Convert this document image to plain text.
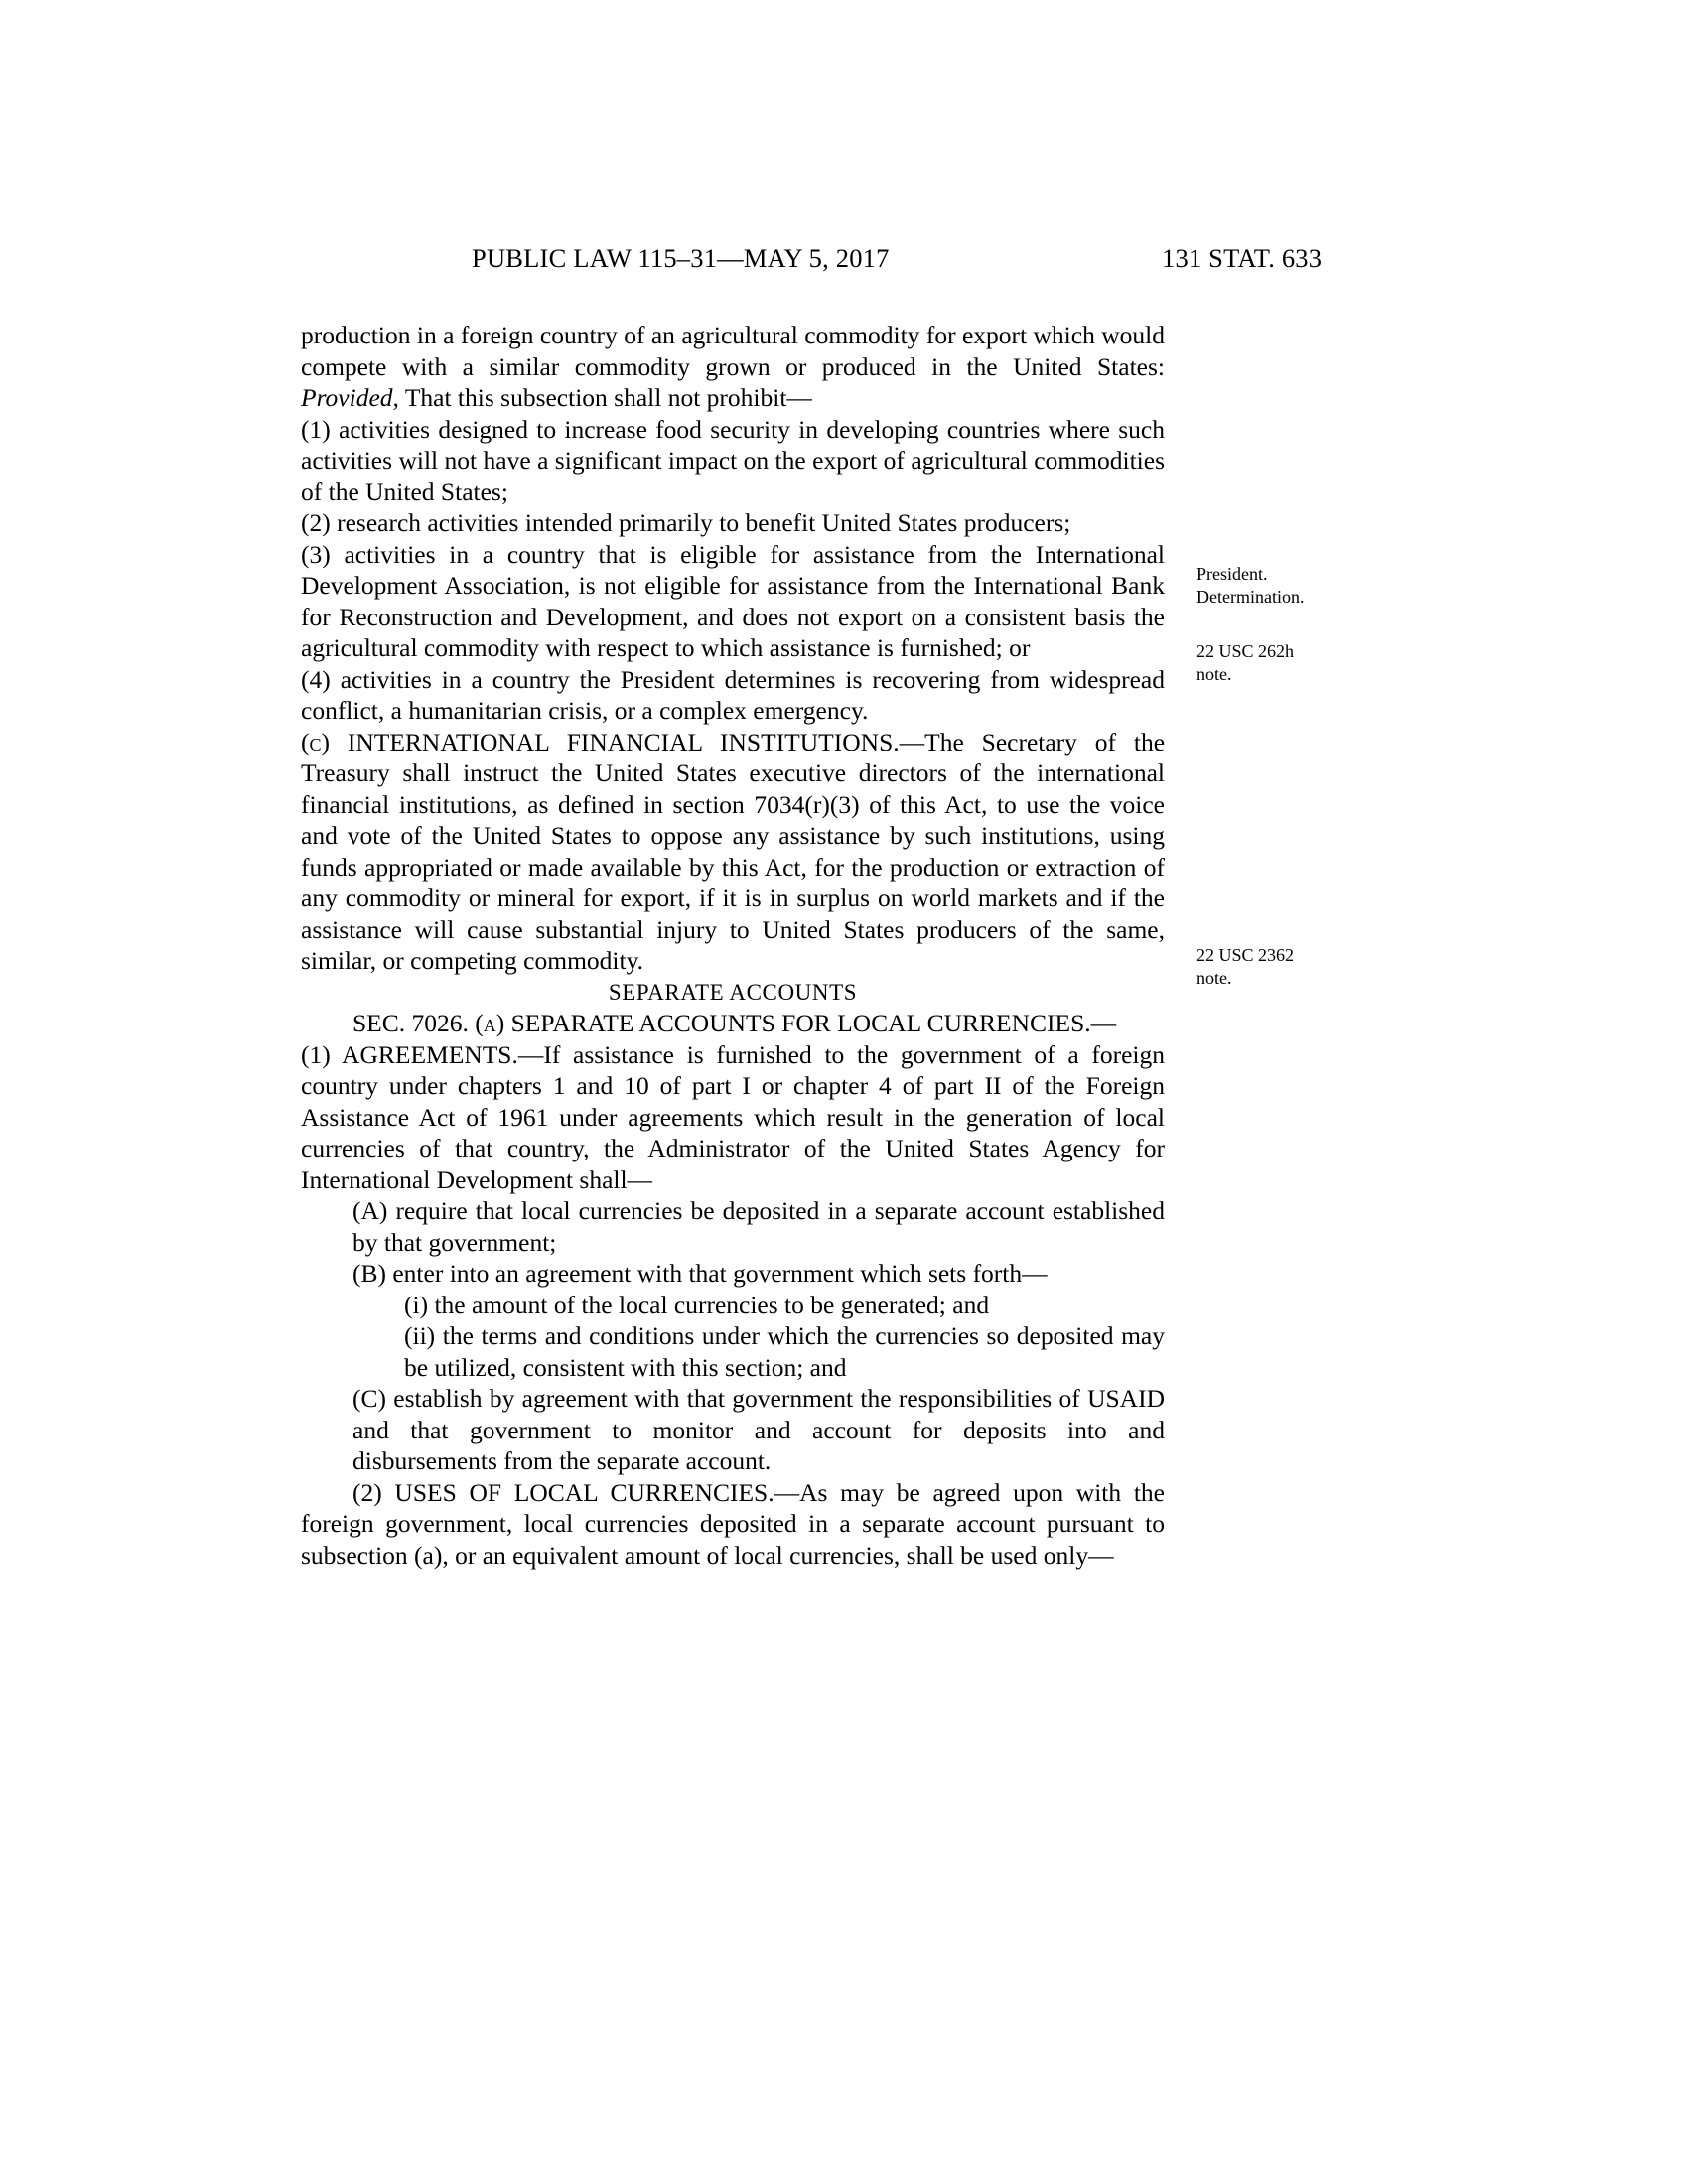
PUBLIC LAW 115–31—MAY 5, 2017	131 STAT. 633

production in a foreign country of an agricultural commodity for export which would compete with a similar commodity grown or produced in the United States: Provided, That this subsection shall not prohibit—

(1) activities designed to increase food security in developing countries where such activities will not have a significant impact on the export of agricultural commodities of the United States;

(2) research activities intended primarily to benefit United States producers;

(3) activities in a country that is eligible for assistance from the International Development Association, is not eligible for assistance from the International Bank for Reconstruction and Development, and does not export on a consistent basis the agricultural commodity with respect to which assistance is furnished; or

(4) activities in a country the President determines is recovering from widespread conflict, a humanitarian crisis, or a complex emergency.

(c) INTERNATIONAL FINANCIAL INSTITUTIONS.—The Secretary of the Treasury shall instruct the United States executive directors of the international financial institutions, as defined in section 7034(r)(3) of this Act, to use the voice and vote of the United States to oppose any assistance by such institutions, using funds appropriated or made available by this Act, for the production or extraction of any commodity or mineral for export, if it is in surplus on world markets and if the assistance will cause substantial injury to United States producers of the same, similar, or competing commodity.

SEPARATE ACCOUNTS

SEC. 7026. (a) SEPARATE ACCOUNTS FOR LOCAL CURRENCIES.—

(1) AGREEMENTS.—If assistance is furnished to the government of a foreign country under chapters 1 and 10 of part I or chapter 4 of part II of the Foreign Assistance Act of 1961 under agreements which result in the generation of local currencies of that country, the Administrator of the United States Agency for International Development shall—

(A) require that local currencies be deposited in a separate account established by that government;

(B) enter into an agreement with that government which sets forth—

(i) the amount of the local currencies to be generated; and

(ii) the terms and conditions under which the currencies so deposited may be utilized, consistent with this section; and

(C) establish by agreement with that government the responsibilities of USAID and that government to monitor and account for deposits into and disbursements from the separate account.

(2) USES OF LOCAL CURRENCIES.—As may be agreed upon with the foreign government, local currencies deposited in a separate account pursuant to subsection (a), or an equivalent amount of local currencies, shall be used only—

President.
Determination.
22 USC 262h
note.
22 USC 2362
note.
